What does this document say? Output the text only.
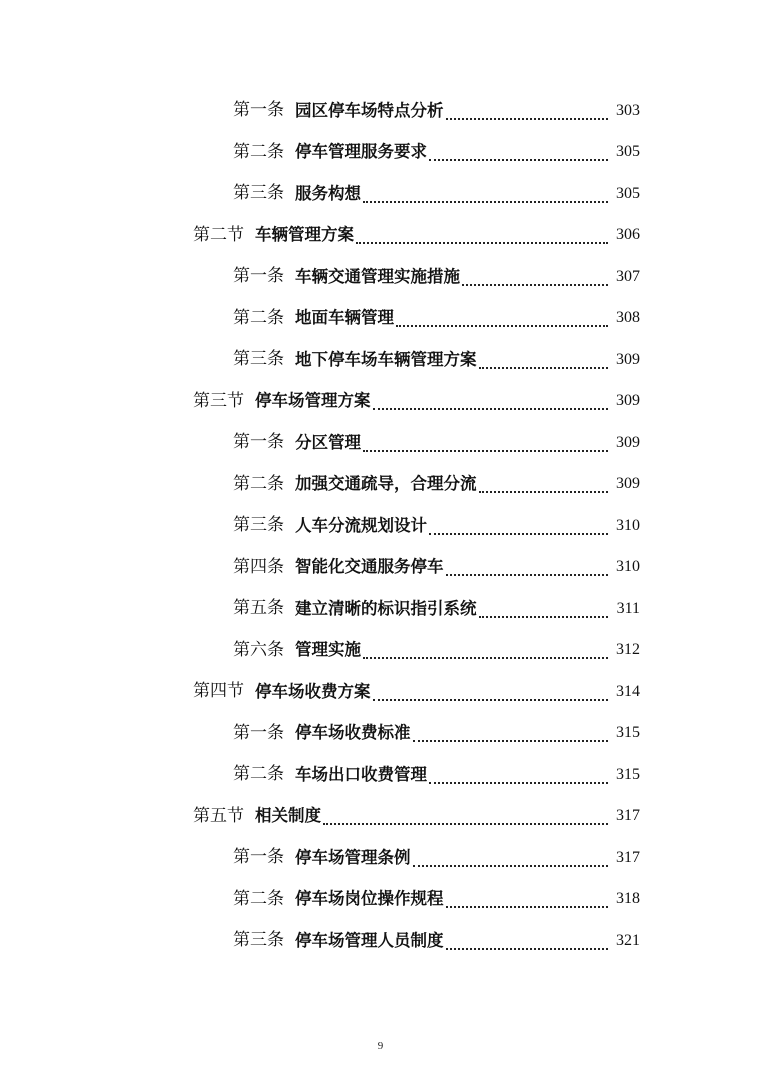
第一条 园区停车场特点分析	303
第二条 停车管理服务要求	305
第三条 服务构想	305
第二节 车辆管理方案	306
第一条 车辆交通管理实施措施	307
第二条 地面车辆管理	308
第三条 地下停车场车辆管理方案	309
第三节 停车场管理方案	309
第一条 分区管理	309
第二条 加强交通疏导，合理分流	309
第三条 人车分流规划设计	310
第四条 智能化交通服务停车	310
第五条 建立清晰的标识指引系统	311
第六条 管理实施	312
第四节 停车场收费方案	314
第一条 停车场收费标准	315
第二条 车场出口收费管理	315
第五节 相关制度	317
第一条 停车场管理条例	317
第二条 停车场岗位操作规程	318
第三条 停车场管理人员制度	321
9
